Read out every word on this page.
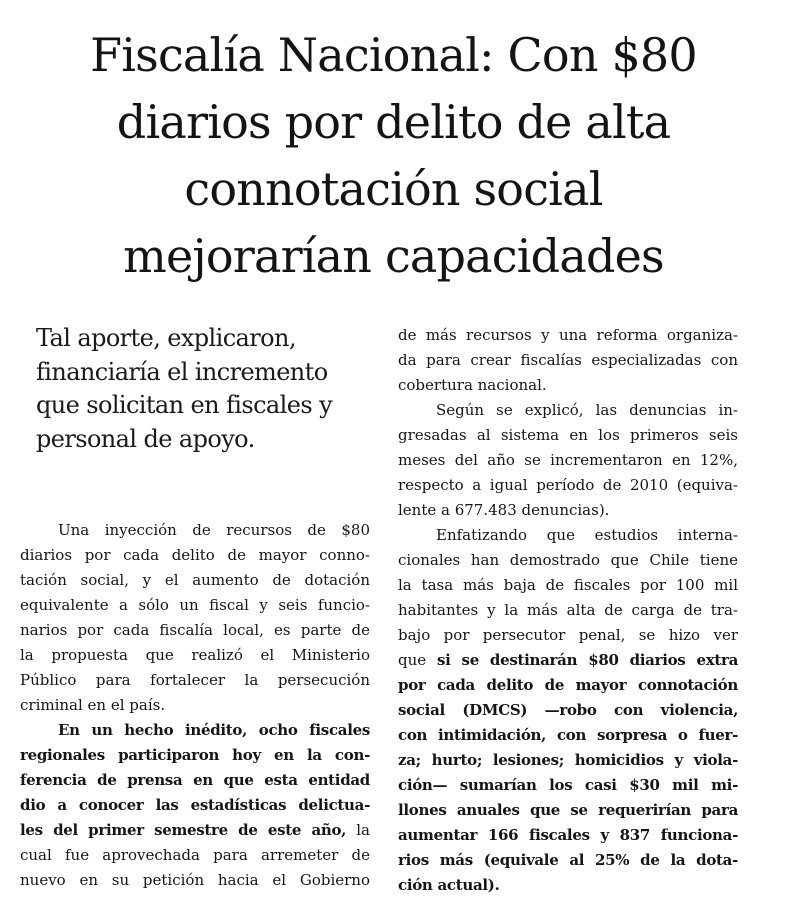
Fiscalía Nacional: Con $80
diarios por delito de alta
connotación social
mejorarían capacidades
Tal aporte, explicaron,
financiaría el incremento
que solicitan en fiscales y
personal de apoyo.
Una inyección de recursos de $80
diarios por cada delito de mayor conno-
tación social, y el aumento de dotación
equivalente a sólo un fiscal y seis funcio-
narios por cada fiscalía local, es parte de
la propuesta que realizó el Ministerio
Público para fortalecer la persecución
criminal en el país.
En un hecho inédito, ocho fiscales
regionales participaron hoy en la con-
ferencia de prensa en que esta entidad
dio a conocer las estadísticas delictua-
les del primer semestre de este año, la
cual fue aprovechada para arremeter de
nuevo en su petición hacia el Gobierno
de más recursos y una reforma organiza-
da para crear fiscalías especializadas con
cobertura nacional.
Según se explicó, las denuncias in-
gresadas al sistema en los primeros seis
meses del año se incrementaron en 12%,
respecto a igual período de 2010 (equiva-
lente a 677.483 denuncias).
Enfatizando que estudios interna-
cionales han demostrado que Chile tiene
la tasa más baja de fiscales por 100 mil
habitantes y la más alta de carga de tra-
bajo por persecutor penal, se hizo ver
que si se destinarán $80 diarios extra
por cada delito de mayor connotación
social (DMCS) —robo con violencia,
con intimidación, con sorpresa o fuer-
za; hurto; lesiones; homicidios y viola-
ción— sumarían los casi $30 mil mi-
llones anuales que se requerirían para
aumentar 166 fiscales y 837 funciona-
rios más (equivale al 25% de la dota-
ción actual).
